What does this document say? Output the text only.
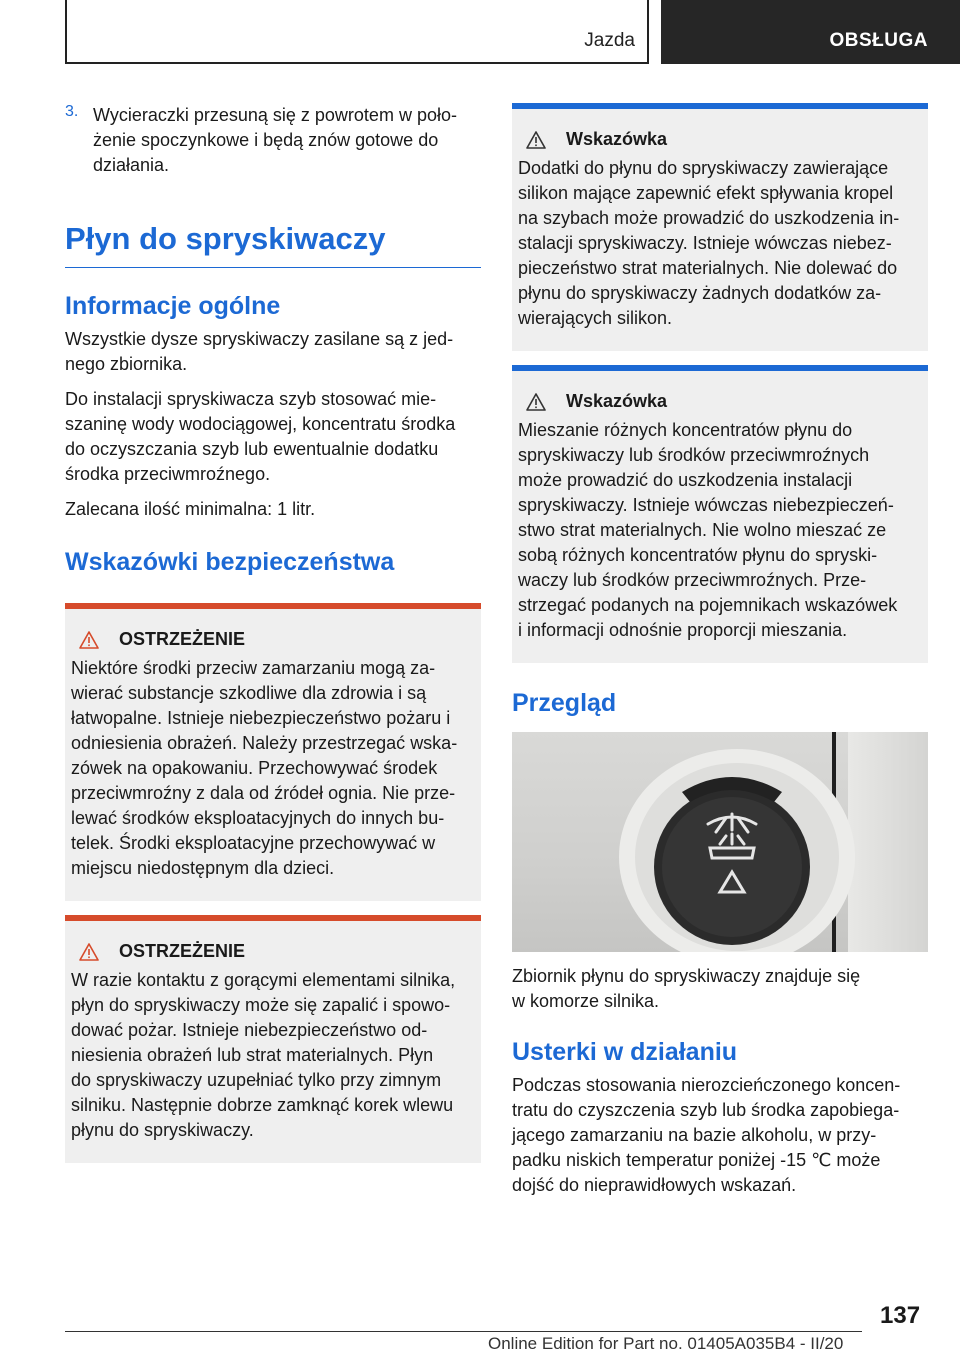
Jazda	OBSŁUGA
3. Wycieraczki przesuną się z powrotem w poło-

żenie spoczynkowe i będą znów gotowe do

działania.

Płyn do spryskiwaczy
Informacje ogólne

Wszystkie dysze spryskiwaczy zasilane są z jed-

nego zbiornika.

Do instalacji spryskiwacza szyb stosować mie-

szaninę wody wodociągowej, koncentratu środka

do oczyszczania szyb lub ewentualnie dodatku

środka przeciwmroźnego.

Zalecana ilość minimalna: 1 litr.

Wskazówki bezpieczeństwa
OSTRZEŻENIE

Niektóre środki przeciw zamarzaniu mogą za-

wierać substancje szkodliwe dla zdrowia i są

łatwopalne. Istnieje niebezpieczeństwo pożaru i

odniesienia obrażeń. Należy przestrzegać wska-

zówek na opakowaniu. Przechowywać środek

przeciwmroźny z dala od źródeł ognia. Nie prze-

lewać środków eksploatacyjnych do innych bu-

telek. Środki eksploatacyjne przechowywać w

miejscu niedostępnym dla dzieci.

OSTRZEŻENIE

W razie kontaktu z gorącymi elementami silnika,

płyn do spryskiwaczy może się zapalić i spowo-

dować pożar. Istnieje niebezpieczeństwo od-

niesienia obrażeń lub strat materialnych. Płyn

do spryskiwaczy uzupełniać tylko przy zimnym

silniku. Następnie dobrze zamknąć korek wlewu

płynu do spryskiwaczy.

Wskazówka

Dodatki do płynu do spryskiwaczy zawierające

silikon mające zapewnić efekt spływania kropel

na szybach może prowadzić do uszkodzenia in-

stalacji spryskiwaczy. Istnieje wówczas niebez-

pieczeństwo strat materialnych. Nie dolewać do

płynu do spryskiwaczy żadnych dodatków za-

wierających silikon.

Wskazówka

Mieszanie różnych koncentratów płynu do

spryskiwaczy lub środków przeciwmroźnych

może prowadzić do uszkodzenia instalacji

spryskiwaczy. Istnieje wówczas niebezpieczeń-

stwo strat materialnych. Nie wolno mieszać ze

sobą różnych koncentratów płynu do spryski-

waczy lub środków przeciwmroźnych. Prze-

strzegać podanych na pojemnikach wskazówek

i informacji odnośnie proporcji mieszania.

Przegląd

Zbiornik płynu do spryskiwaczy znajduje się

w komorze silnika.

Usterki w działaniu

Podczas stosowania nierozcieńczonego koncen-

tratu do czyszczenia szyb lub środka zapobiega-

jącego zamarzaniu na bazie alkoholu, w przy-

padku niskich temperatur poniżej -15 ℃ może

dojść do nieprawidłowych wskazań.

137
Online Edition for Part no. 01405A035B4 - II/20
